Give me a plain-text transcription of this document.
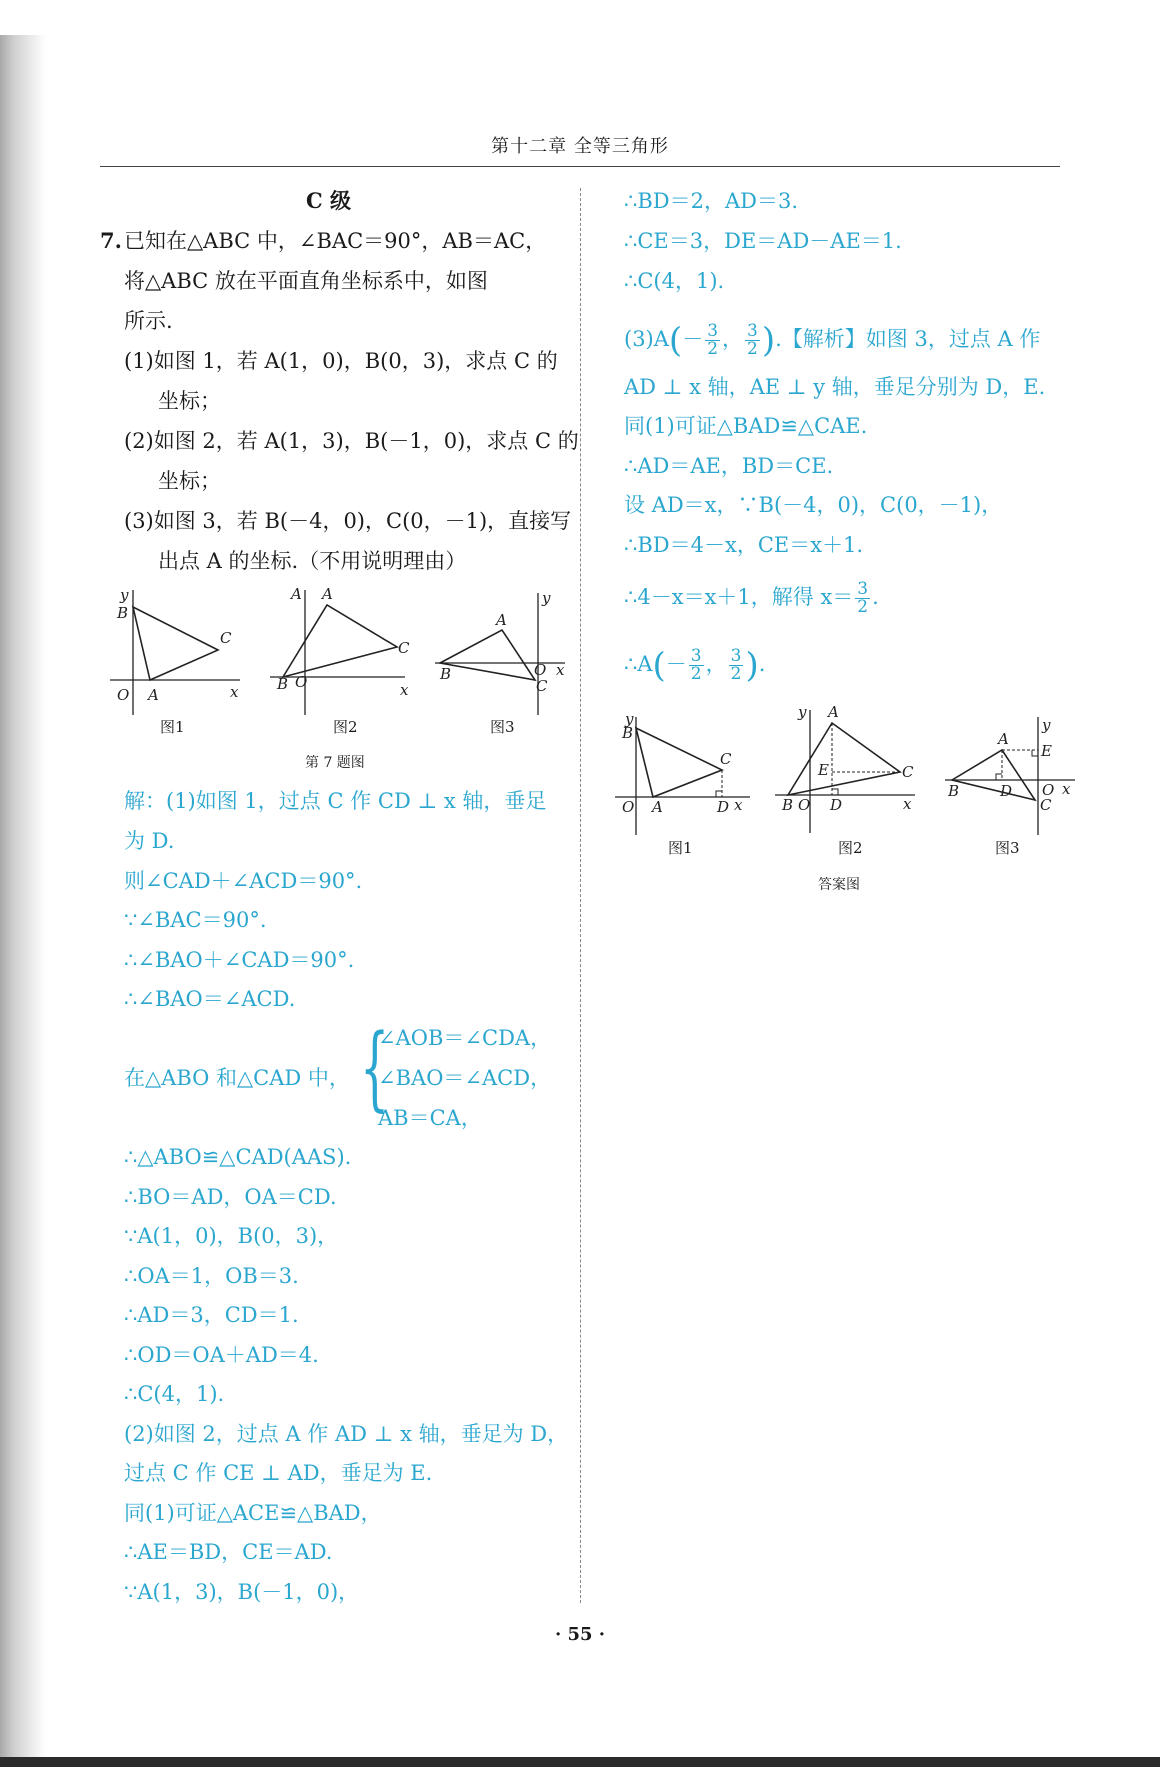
第十二章 全等三角形
C 级
7. 已知在△ABC 中，∠BAC＝90°，AB＝AC，
将△ABC 放在平面直角坐标系中，如图
所示.
(1)如图 1，若 A(1，0)，B(0，3)，求点 C 的
坐标；
(2)如图 2，若 A(1，3)，B(－1，0)，求点 C 的
坐标；
(3)如图 3，若 B(－4，0)，C(0，－1)，直接写
出点 A 的坐标.（不用说明理由）
y
B
C
O A	x
A A
C
B O	x
y
A
B	O
C
x
图1	图2	图3
第 7 题图
解：(1)如图 1，过点 C 作 CD ⊥ x 轴，垂足
为 D.
则∠CAD＋∠ACD＝90°.
∵∠BAC＝90°.
∴∠BAO＋∠CAD＝90°.
∴∠BAO＝∠ACD.
在△ABO 和△CAD 中， {
∠AOB＝∠CDA，
∠BAO＝∠ACD，
AB＝CA，
∴△ABO≌△CAD(AAS).
∴BO＝AD，OA＝CD.
∵A(1，0)，B(0，3)，
∴OA＝1，OB＝3.
∴AD＝3，CD＝1.
∴OD＝OA＋AD＝4.
∴C(4，1).
(2)如图 2，过点 A 作 AD ⊥ x 轴，垂足为 D，
过点 C 作 CE ⊥ AD，垂足为 E.
同(1)可证△ACE≌△BAD，
∴AE＝BD，CE＝AD.
∵A(1，3)，B(－1，0)，
∴BD＝2，AD＝3.
∴CE＝3，DE＝AD－AE＝1.
∴C(4，1).
$(3)A(- \frac{3}{2}$ ， $\frac{3}{2}$ ).【解析】如图 3，过点 A 作
AD ⊥ x 轴，AE ⊥ y 轴，垂足分别为 D，E.
同(1)可证△BAD≌△CAE.
∴AD＝AE，BD＝CE.
设 AD＝x，∵B(－4，0)，C(0，－1)，
∴BD＝4－x，CE＝x＋1.
∴4－x＝x＋1，解得 $x= \frac{3}{2}$ .
∴A(－ $\frac{3}{2}$ ， $\frac{3}{2}$ ).
y
B
C
O A	D x
y A
E	C
B O D	x
y
A
E
B	D O
C
x
图1	图2	图3
答案图
· 55 ·
